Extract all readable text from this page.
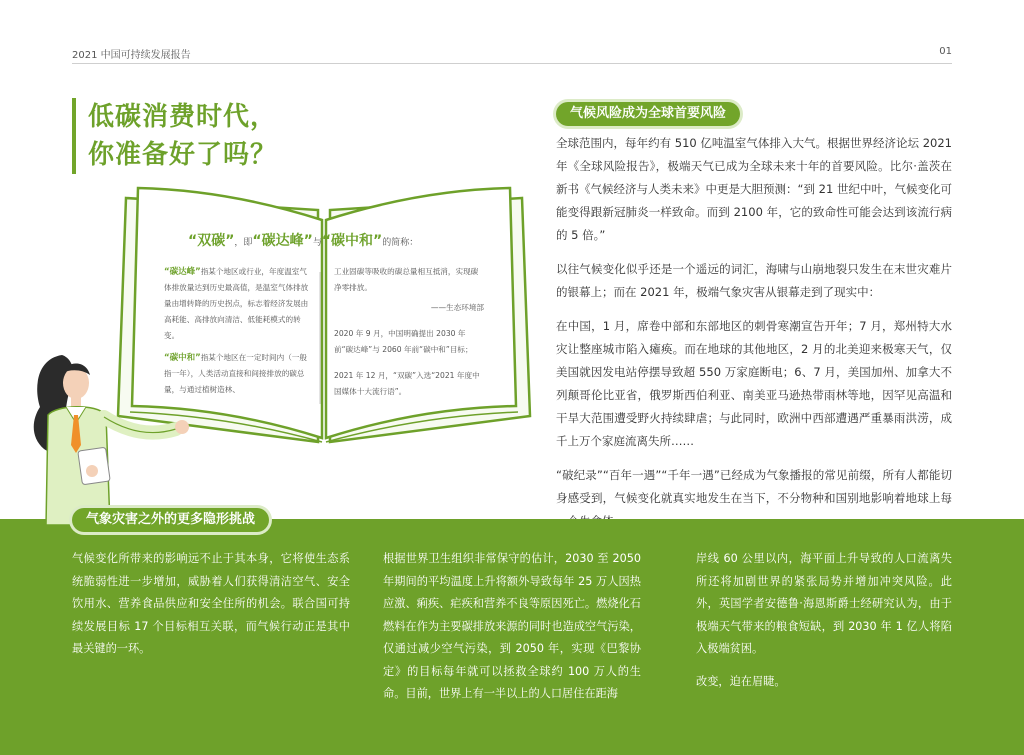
2021 中国可持续发展报告	01
低碳消费时代，
你准备好了吗？
“双碳”，即“碳达峰”与“碳中和”的简称：

“碳达峰”指某个地区或行业，年度温室气体排放量达到历史最高值，是温室气体排放量由增转降的历史拐点，标志着经济发展由高耗能、高排放向清洁、低能耗模式的转变。

“碳中和”指某个地区在一定时间内（一般指一年），人类活动直接和间接排放的碳总量，与通过植树造林、

工业固碳等吸收的碳总量相互抵消，实现碳净零排放。

——生态环境部

2020 年 9 月，中国明确提出 2030 年前“碳达峰”与 2060 年前“碳中和”目标；

2021 年 12 月，“双碳”入选“2021 年度中国媒体十大流行语”。

气候风险成为全球首要风险

全球范围内，每年约有 510 亿吨温室气体排入大气。根据世界经济论坛 2021 年《全球风险报告》，极端天气已成为全球未来十年的首要风险。比尔·盖茨在新书《气候经济与人类未来》中更是大胆预测：“到 21 世纪中叶，气候变化可能变得跟新冠肺炎一样致命。而到 2100 年，它的致命性可能会达到该流行病的 5 倍。”

以往气候变化似乎还是一个遥远的词汇，海啸与山崩地裂只发生在末世灾难片的银幕上；而在 2021 年，极端气象灾害从银幕走到了现实中：

在中国，1 月，席卷中部和东部地区的刺骨寒潮宣告开年；7 月，郑州特大水灾让整座城市陷入瘫痪。而在地球的其他地区，2 月的北美迎来极寒天气，仅美国就因发电站停摆导致超 550 万家庭断电；6、7 月，美国加州、加拿大不列颠哥伦比亚省，俄罗斯西伯利亚、南美亚马逊热带雨林等地，因罕见高温和干旱大范围遭受野火持续肆虐；与此同时，欧洲中西部遭遇严重暴雨洪涝，成千上万个家庭流离失所……

“破纪录”“百年一遇”“千年一遇”已经成为气象播报的常见前缀，所有人都能切身感受到，气候变化就真实地发生在当下，不分物种和国别地影响着地球上每

气象灾害之外的更多隐形挑战

气候变化所带来的影响远不止于其本身，它将使生态系统脆弱性进一步增加，威胁着人们获得清洁空气、安全饮用水、营养食品供应和安全住所的机会。联合国可持续发展目标 17 个目标相互关联，而气候行动正是其中最关键的一环。

根据世界卫生组织非常保守的估计，2030 至 2050 年期间的平均温度上升将额外导致每年 25 万人因热应激、痢疾、疟疾和营养不良等原因死亡。燃烧化石燃料在作为主要碳排放来源的同时也造成空气污染，仅通过减少空气污染，到 2050 年，实现《巴黎协定》的目标每年就可以拯救全球约 100 万人的生命。目前，世界上有一半以上的人口居住在距海

岸线 60 公里以内，海平面上升导致的人口流离失所还将加剧世界的紧张局势并增加冲突风险。此外，英国学者安德鲁·海恩斯爵士经研究认为，由于极端天气带来的粮食短缺，到 2030 年 1 亿人将陷入极端贫困。

改变，迫在眉睫。
